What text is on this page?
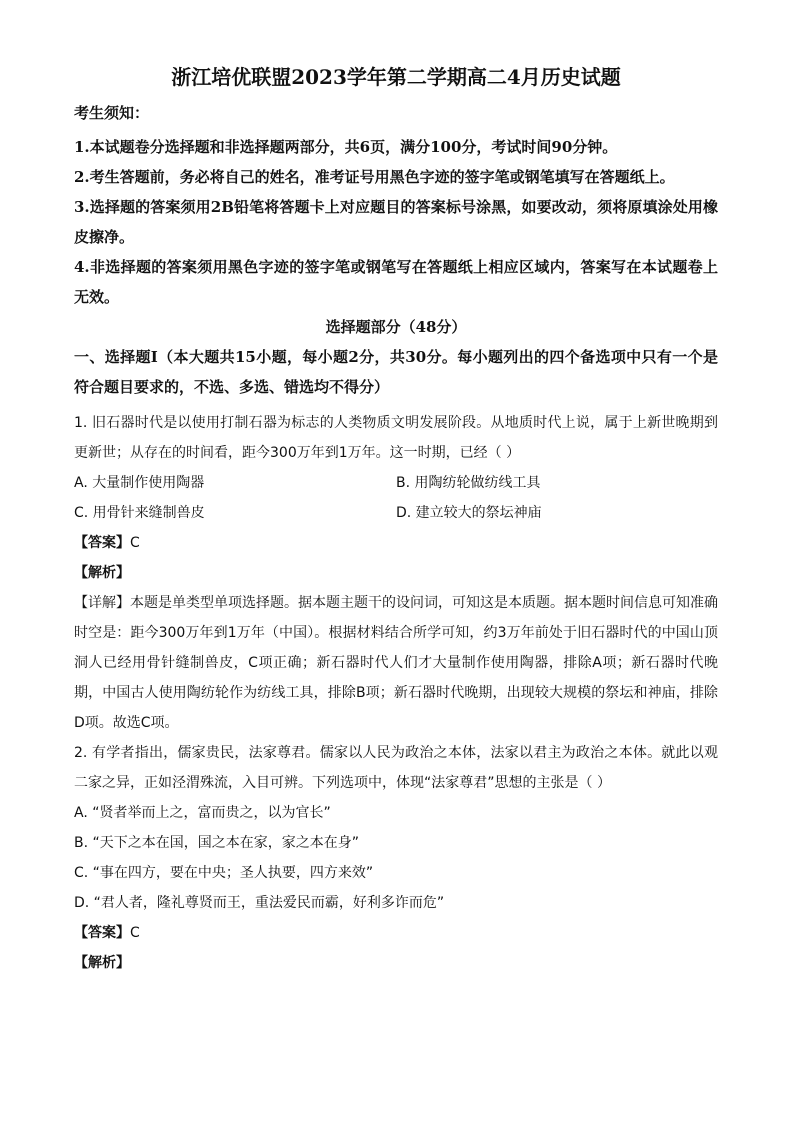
浙江培优联盟2023学年第二学期高二4月历史试题

考生须知：

1.本试题卷分选择题和非选择题两部分，共6页，满分100分，考试时间90分钟。

2.考生答题前，务必将自己的姓名，准考证号用黑色字迹的签字笔或钢笔填写在答题纸上。

3.选择题的答案须用2B铅笔将答题卡上对应题目的答案标号涂黑，如要改动，须将原填涂处用橡皮擦净。

4.非选择题的答案须用黑色字迹的签字笔或钢笔写在答题纸上相应区域内，答案写在本试题卷上无效。

选择题部分（48分）

一、选择题Ⅰ（本大题共15小题，每小题2分，共30分。每小题列出的四个备选项中只有一个是符合题目要求的，不选、多选、错选均不得分）

1. 旧石器时代是以使用打制石器为标志的人类物质文明发展阶段。从地质时代上说，属于上新世晚期到更新世；从存在的时间看，距今300万年到1万年。这一时期，已经（ ）

A. 大量制作使用陶器	B. 用陶纺轮做纺线工具
C. 用骨针来缝制兽皮	D. 建立较大的祭坛神庙

【答案】C

【解析】

【详解】本题是单类型单项选择题。据本题主题干的设问词，可知这是本质题。据本题时间信息可知准确时空是：距今300万年到1万年（中国）。根据材料结合所学可知，约3万年前处于旧石器时代的中国山顶洞人已经用骨针缝制兽皮，C项正确；新石器时代人们才大量制作使用陶器，排除A项；新石器时代晚期，中国古人使用陶纺轮作为纺线工具，排除B项；新石器时代晚期，出现较大规模的祭坛和神庙，排除D项。故选C项。

2. 有学者指出，儒家贵民，法家尊君。儒家以人民为政治之本体，法家以君主为政治之本体。就此以观二家之异，正如泾渭殊流，入目可辨。下列选项中，体现“法家尊君”思想的主张是（ ）

A. “贤者举而上之，富而贵之，以为官长”
B. “天下之本在国，国之本在家，家之本在身”
C. “事在四方，要在中央；圣人执要，四方来效”
D. “君人者，隆礼尊贤而王，重法爱民而霸，好利多诈而危”

【答案】C

【解析】
